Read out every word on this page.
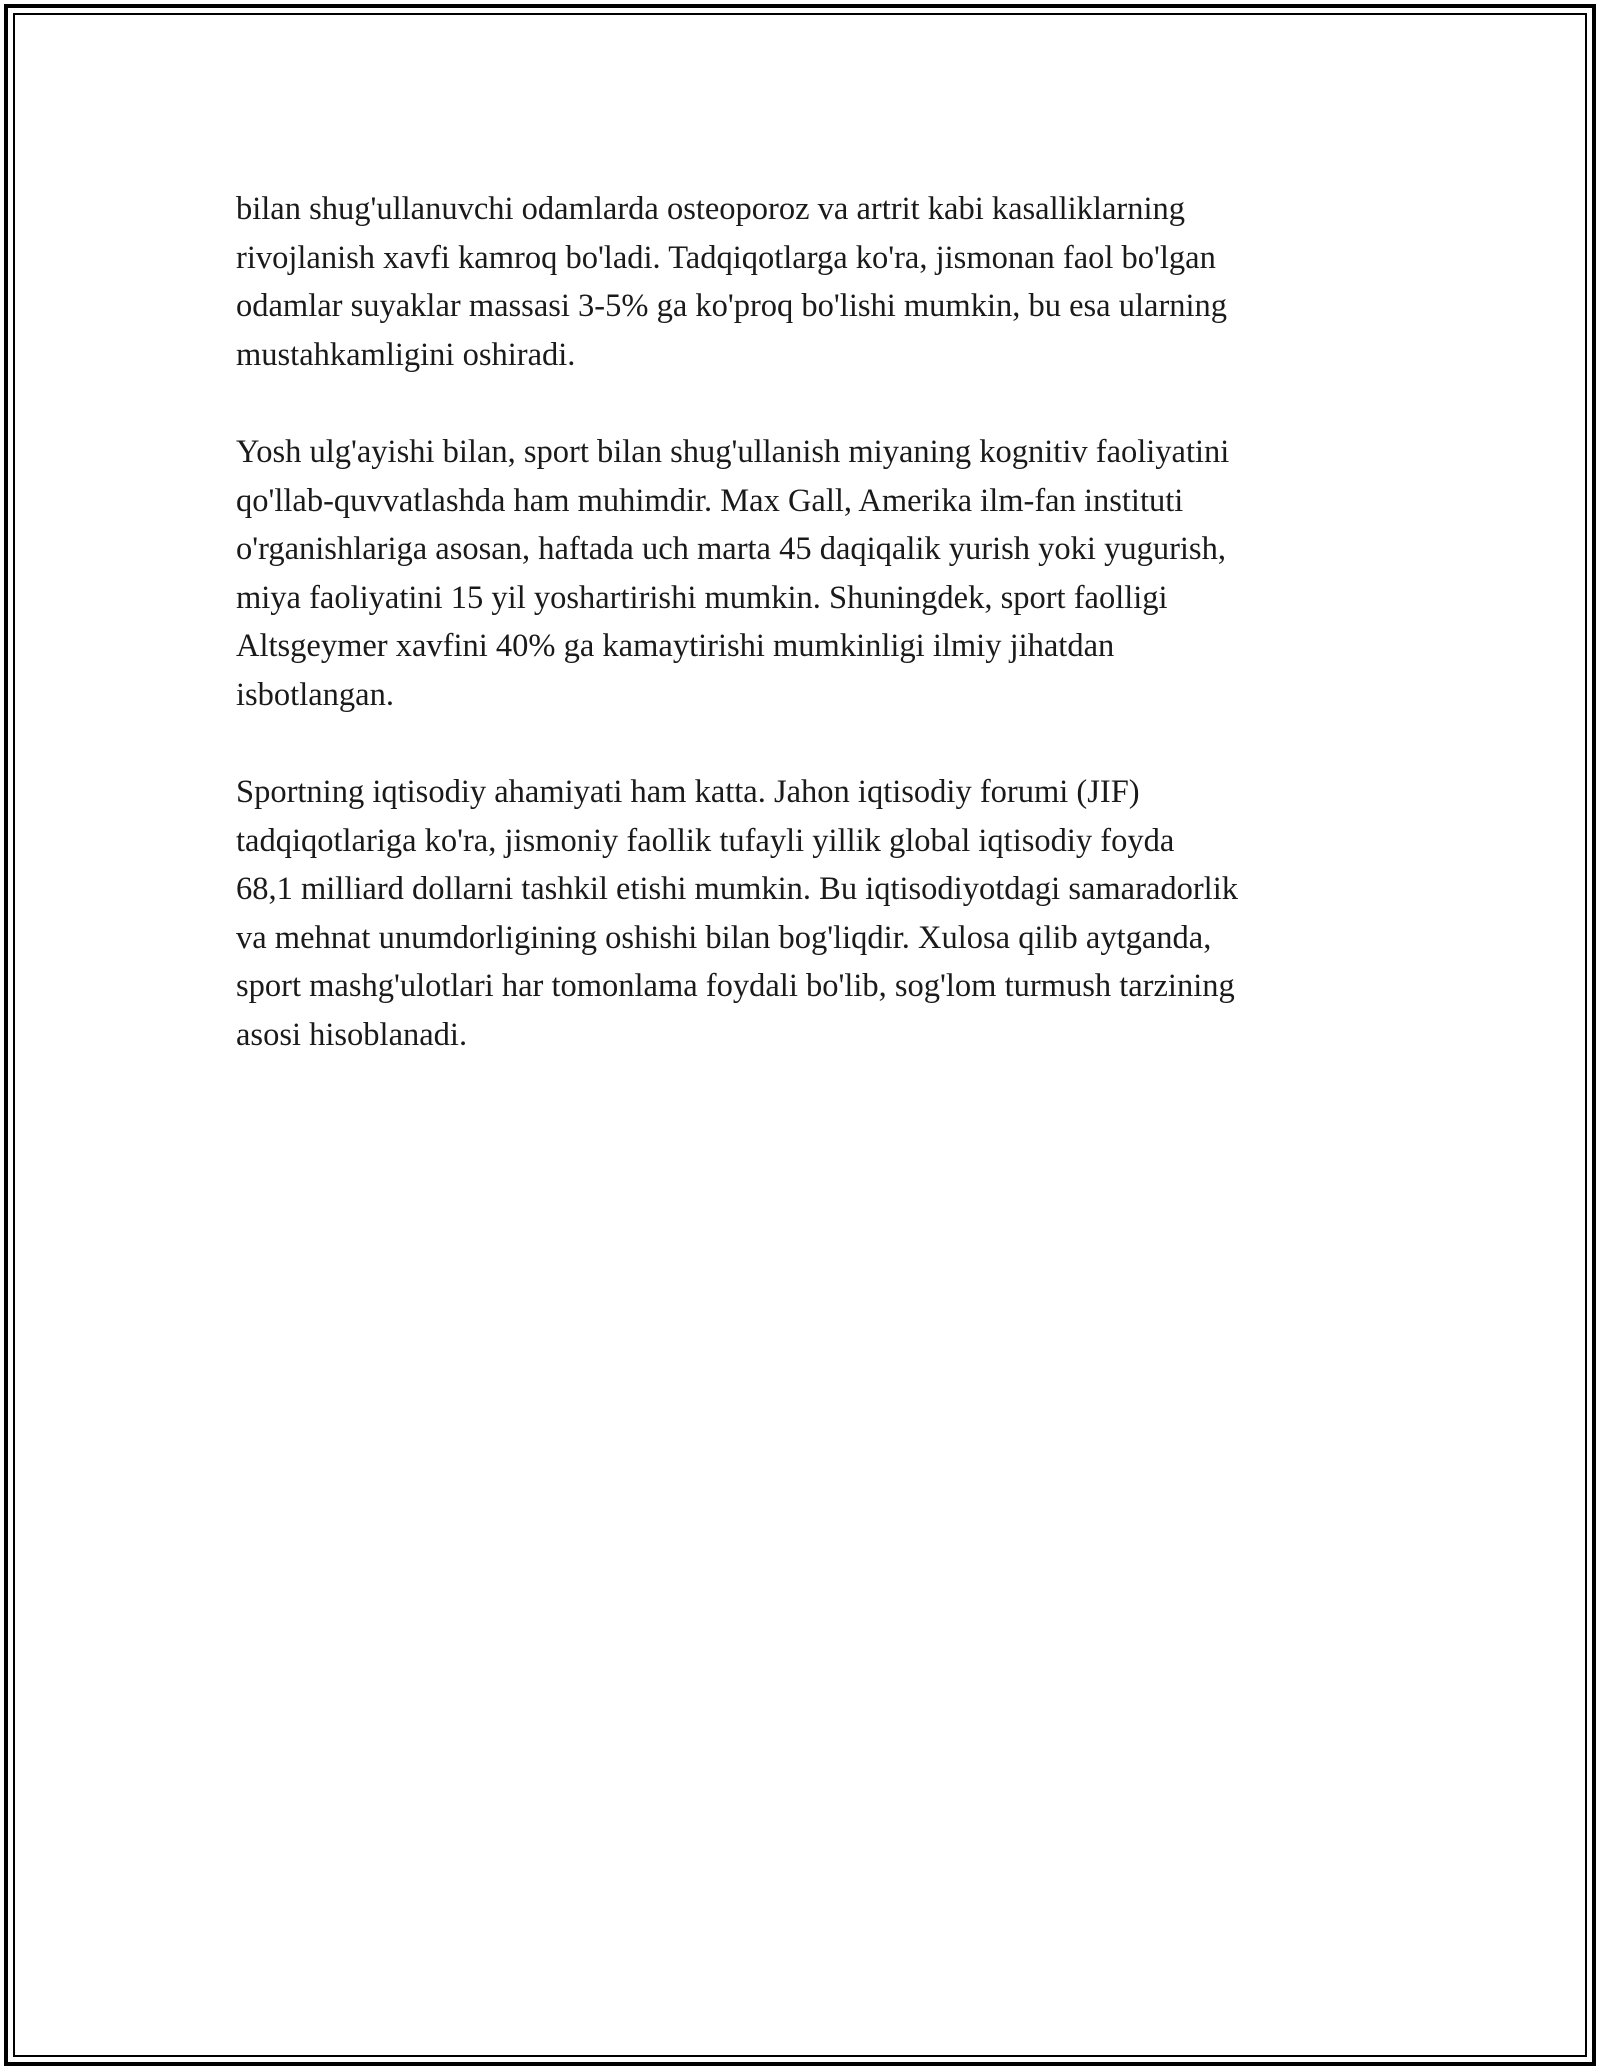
bilan shug'ullanuvchi odamlarda osteoporoz va artrit kabi kasalliklarning
rivojlanish xavfi kamroq bo'ladi. Tadqiqotlarga ko'ra, jismonan faol bo'lgan
odamlar suyaklar massasi 3-5% ga ko'proq bo'lishi mumkin, bu esa ularning
mustahkamligini oshiradi.

Yosh ulg'ayishi bilan, sport bilan shug'ullanish miyaning kognitiv faoliyatini
qo'llab-quvvatlashda ham muhimdir. Max Gall, Amerika ilm-fan instituti
o'rganishlariga asosan, haftada uch marta 45 daqiqalik yurish yoki yugurish,
miya faoliyatini 15 yil yoshartirishi mumkin. Shuningdek, sport faolligi
Altsgeymer xavfini 40% ga kamaytirishi mumkinligi ilmiy jihatdan
isbotlangan.

Sportning iqtisodiy ahamiyati ham katta. Jahon iqtisodiy forumi (JIF)
tadqiqotlariga ko'ra, jismoniy faollik tufayli yillik global iqtisodiy foyda
68,1 milliard dollarni tashkil etishi mumkin. Bu iqtisodiyotdagi samaradorlik
va mehnat unumdorligining oshishi bilan bog'liqdir. Xulosa qilib aytganda,
sport mashg'ulotlari har tomonlama foydali bo'lib, sog'lom turmush tarzining
asosi hisoblanadi.
